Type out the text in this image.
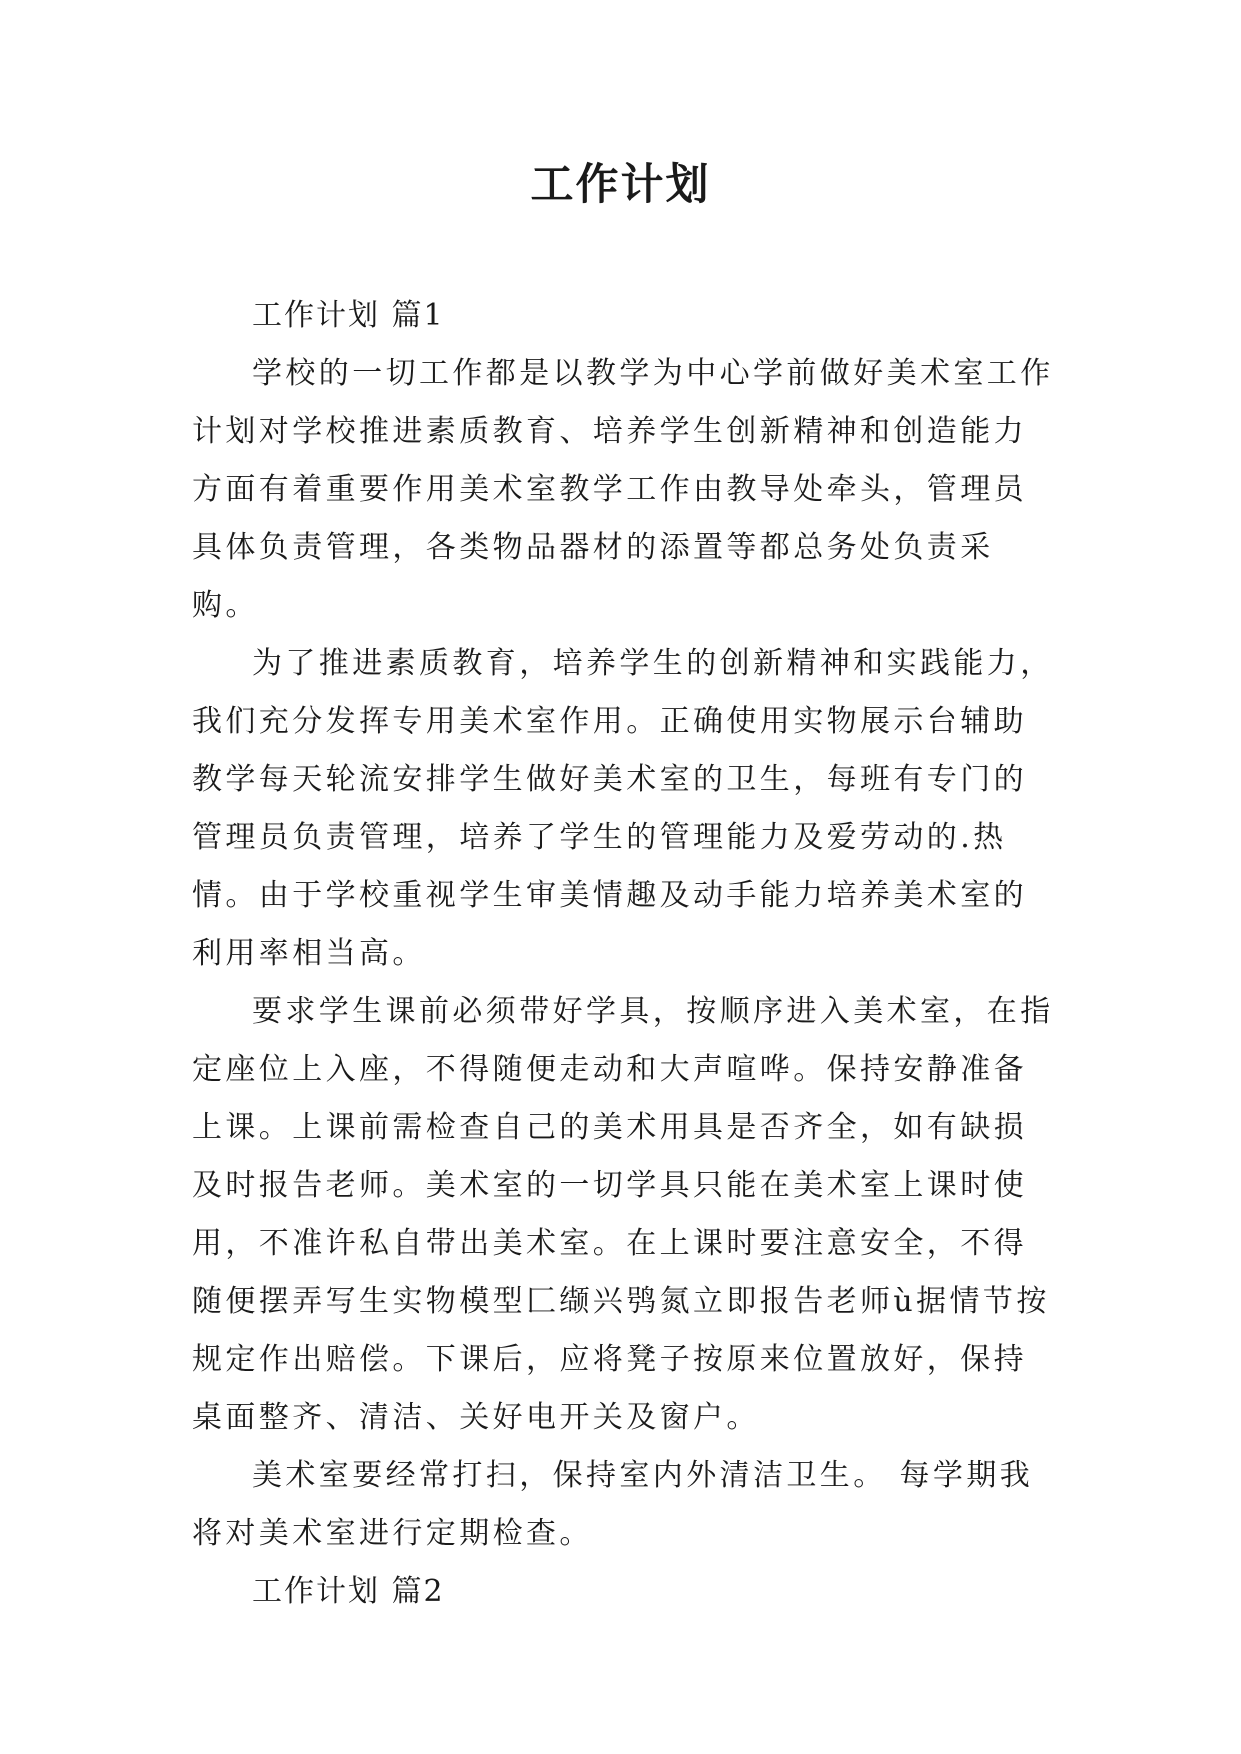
工作计划

工作计划 篇1

学校的一切工作都是以教学为中心学前做好美术室工作计划对学校推进素质教育、培养学生创新精神和创造能力方面有着重要作用美术室教学工作由教导处牵头，管理员具体负责管理，各类物品器材的添置等都总务处负责采购。

为了推进素质教育，培养学生的创新精神和实践能力，我们充分发挥专用美术室作用。正确使用实物展示台辅助教学每天轮流安排学生做好美术室的卫生，每班有专门的管理员负责管理，培养了学生的管理能力及爱劳动的.热情。由于学校重视学生审美情趣及动手能力培养美术室的利用率相当高。

要求学生课前必须带好学具，按顺序进入美术室，在指定座位上入座，不得随便走动和大声喧哗。保持安静准备上课。上课前需检查自己的美术用具是否齐全，如有缺损及时报告老师。美术室的一切学具只能在美术室上课时使用，不准许私自带出美术室。在上课时要注意安全，不得随便摆弄写生实物模型匚缬兴鸮氮立即报告老师ù据情节按规定作出赔偿。下课后，应将凳子按原来位置放好，保持桌面整齐、清洁、关好电开关及窗户。

美术室要经常打扫，保持室内外清洁卫生。 每学期我将对美术室进行定期检查。

工作计划 篇2
